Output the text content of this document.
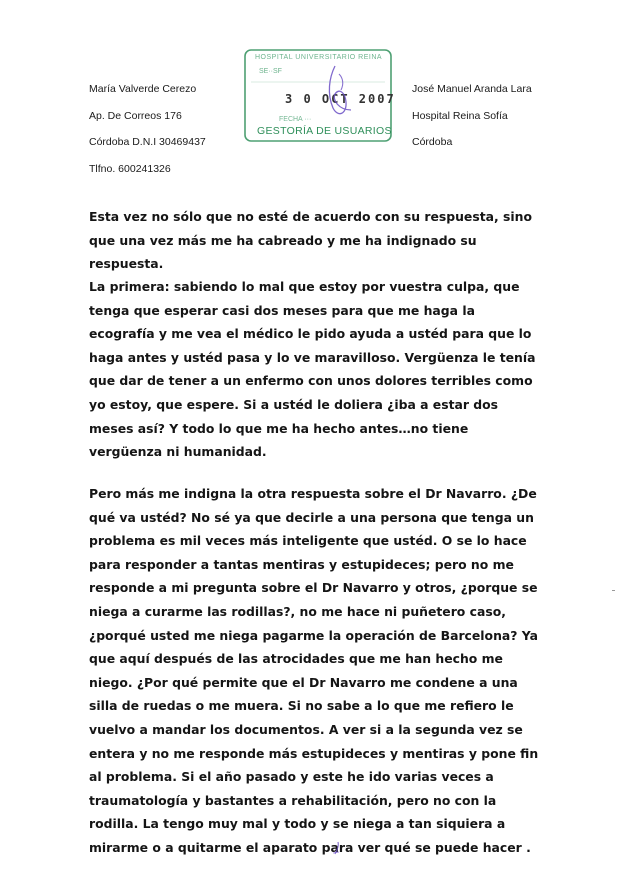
María Valverde Cerezo
Ap. De Correos 176
Córdoba D.N.I 30469437
Tlfno. 600241326
HOSPITAL UNIVERSITARIO REINA
SE··SF
3 0 OCT 2007
FECHA ···
GESTORÍA DE USUARIOS
José Manuel Aranda Lara
Hospital Reina Sofía
Córdoba
Esta vez no sólo que no esté de acuerdo con su respuesta, sino
que una vez más me ha cabreado y me ha indignado su
respuesta.
La primera: sabiendo lo mal que estoy por vuestra culpa, que
tenga que esperar casi dos meses para que me haga la
ecografía y me vea el médico le pido ayuda a ustéd para que lo
haga antes y ustéd pasa y lo ve maravilloso. Vergüenza le tenía
que dar de tener a un enfermo con unos dolores terribles como
yo estoy, que espere. Si a ustéd le doliera ¿iba a estar dos
meses así? Y todo lo que me ha hecho antes…no tiene
vergüenza ni humanidad.
Pero más me indigna la otra respuesta sobre el Dr Navarro. ¿De
qué va ustéd? No sé ya que decirle a una persona que tenga un
problema es mil veces más inteligente que ustéd. O se lo hace
para responder a tantas mentiras y estupideces; pero no me
responde a mi pregunta sobre el Dr Navarro y otros, ¿porque se
niega a curarme las rodillas?, no me hace ni puñetero caso,
¿porqué usted me niega pagarme la operación de Barcelona? Ya
que aquí después de las atrocidades que me han hecho me
niego. ¿Por qué permite que el Dr Navarro me condene a una
silla de ruedas o me muera. Si no sabe a lo que me refiero le
vuelvo a mandar los documentos. A ver si a la segunda vez se
entera y no me responde más estupideces y mentiras y pone fin
al problema. Si el año pasado y este he ido varias veces a
traumatología y bastantes a rehabilitación, pero no con la
rodilla. La tengo muy mal y todo y se niega a tan siquiera a
mirarme o a quitarme el aparato para ver qué se puede hacer .
